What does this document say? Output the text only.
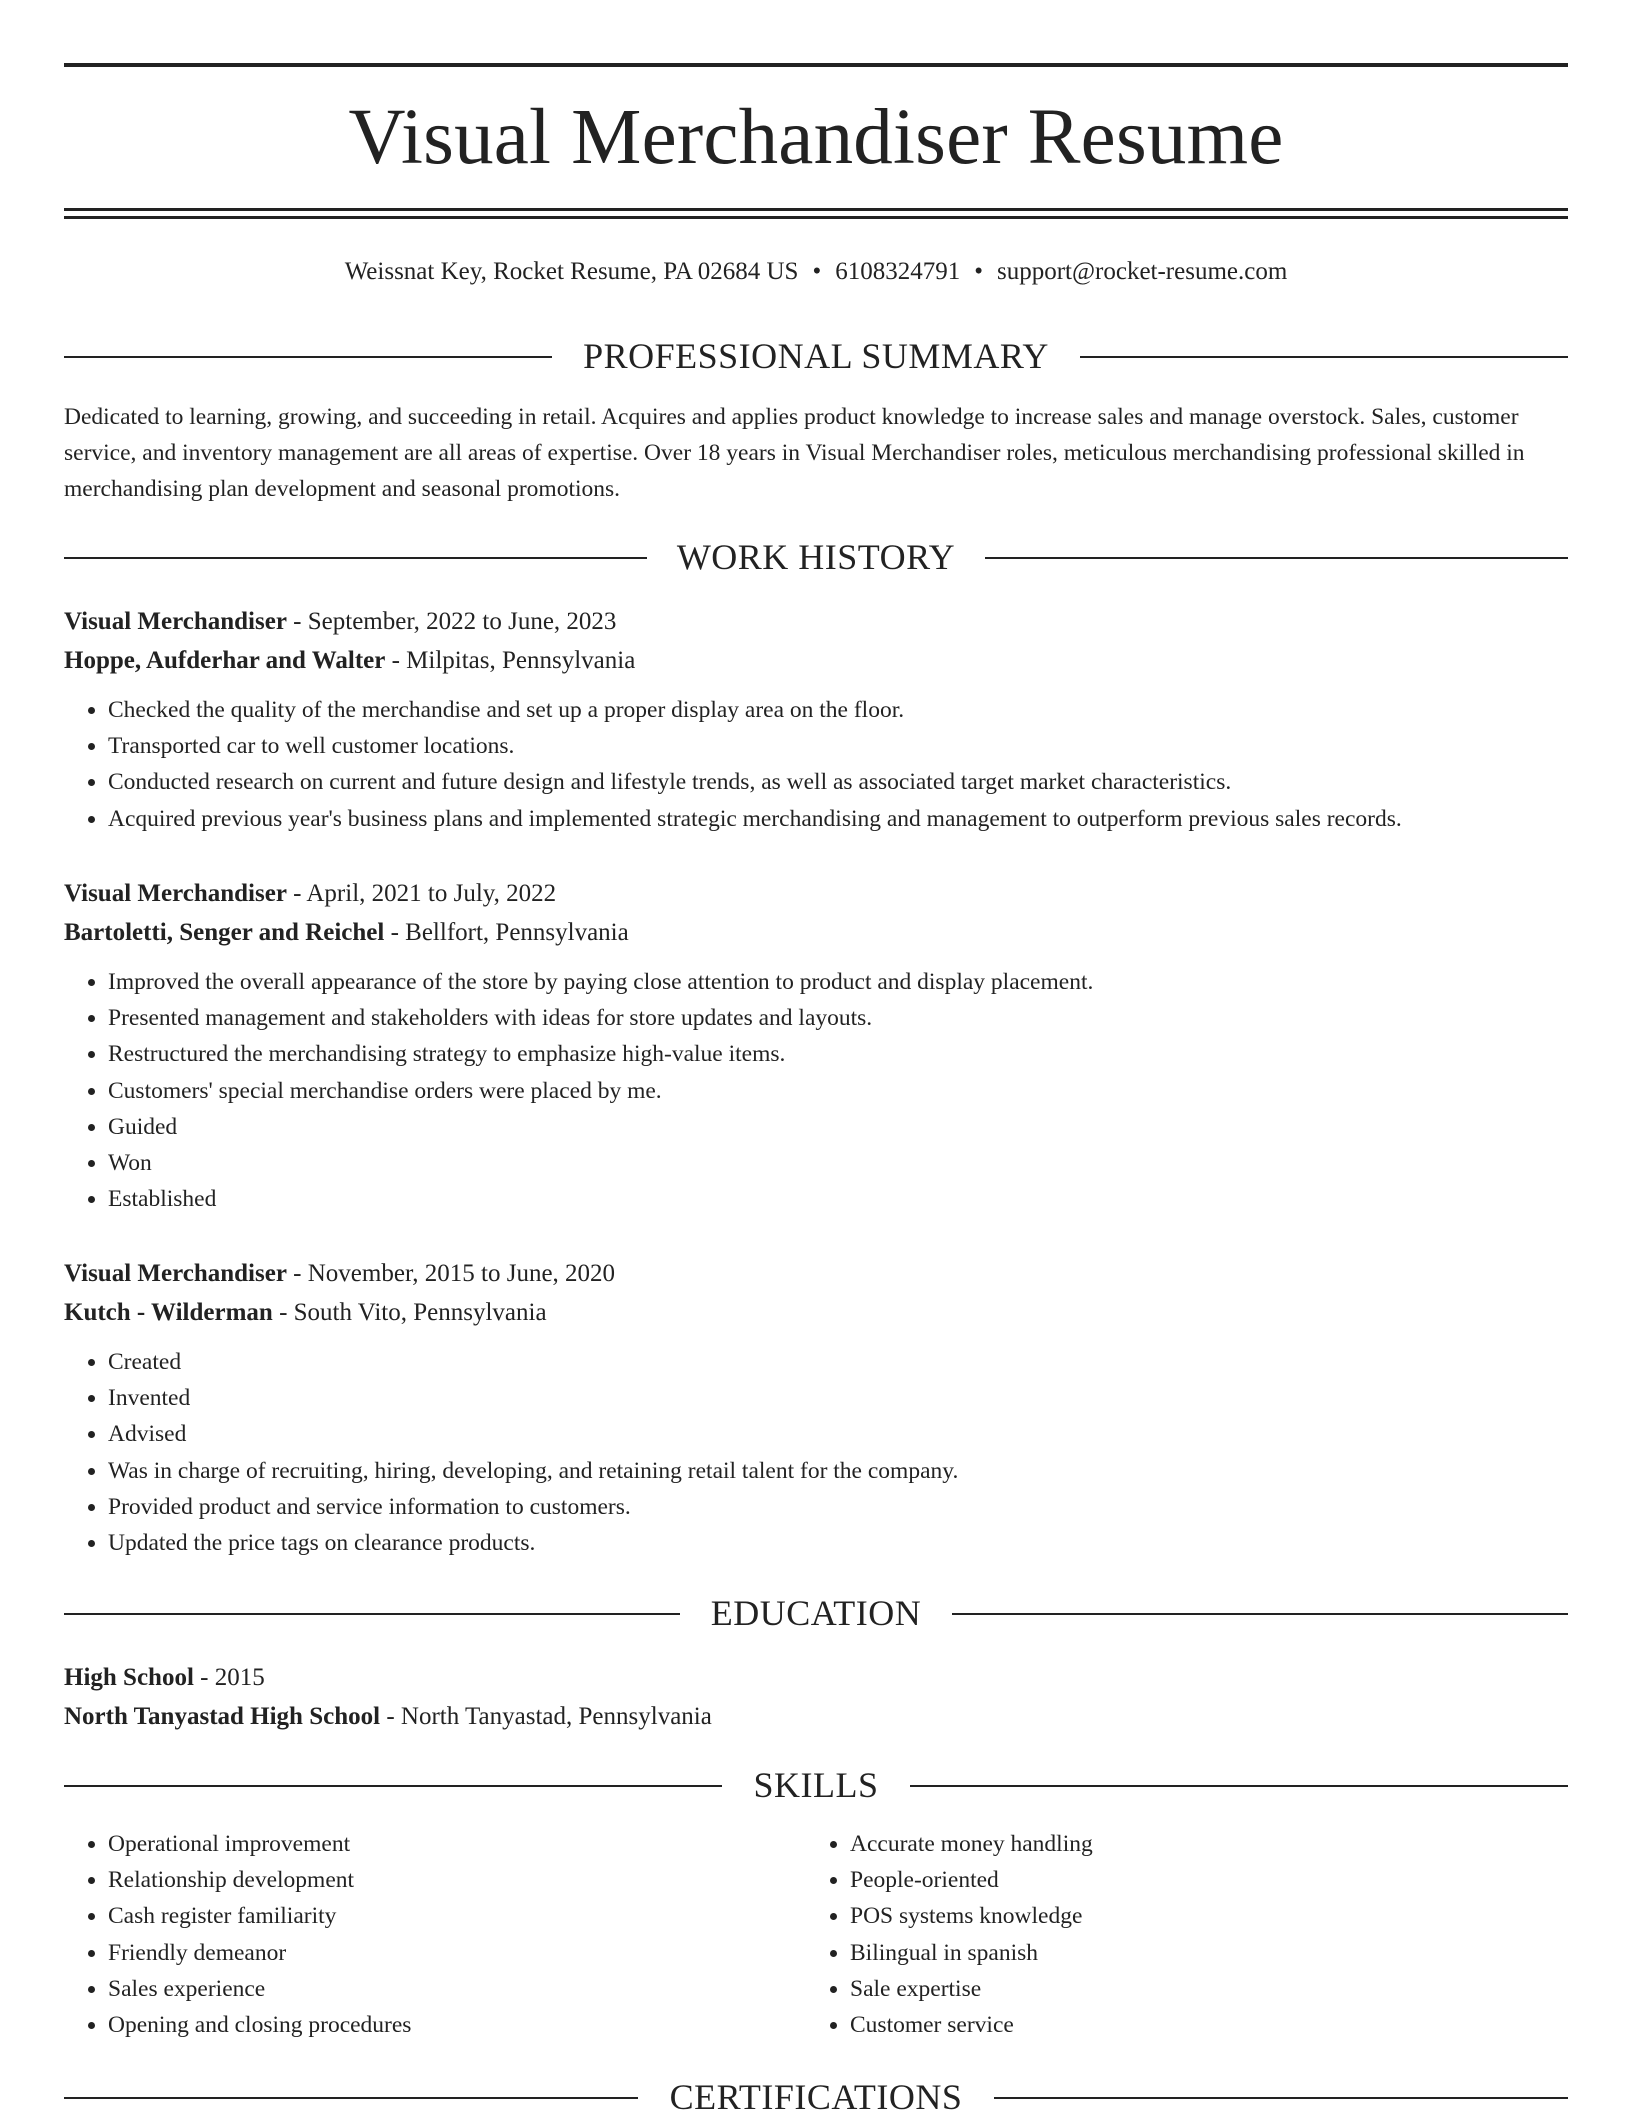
Visual Merchandiser Resume
Weissnat Key, Rocket Resume, PA 02684 US • 6108324791 • support@rocket-resume.com
PROFESSIONAL SUMMARY

Dedicated to learning, growing, and succeeding in retail. Acquires and applies product knowledge to increase sales and manage overstock. Sales, customer service, and inventory management are all areas of expertise. Over 18 years in Visual Merchandiser roles, meticulous merchandising professional skilled in merchandising plan development and seasonal promotions.

WORK HISTORY

Visual Merchandiser - September, 2022 to June, 2023

Hoppe, Aufderhar and Walter - Milpitas, Pennsylvania

• Checked the quality of the merchandise and set up a proper display area on the floor.
• Transported car to well customer locations.
• Conducted research on current and future design and lifestyle trends, as well as associated target market characteristics.
• Acquired previous year's business plans and implemented strategic merchandising and management to outperform previous sales records.

Visual Merchandiser - April, 2021 to July, 2022

Bartoletti, Senger and Reichel - Bellfort, Pennsylvania

• Improved the overall appearance of the store by paying close attention to product and display placement.
• Presented management and stakeholders with ideas for store updates and layouts.
• Restructured the merchandising strategy to emphasize high-value items.
• Customers' special merchandise orders were placed by me.
• Guided
• Won
• Established

Visual Merchandiser - November, 2015 to June, 2020

Kutch - Wilderman - South Vito, Pennsylvania

• Created
• Invented
• Advised
• Was in charge of recruiting, hiring, developing, and retaining retail talent for the company.
• Provided product and service information to customers.
• Updated the price tags on clearance products.
EDUCATION

High School - 2015

North Tanyastad High School - North Tanyastad, Pennsylvania

SKILLS
• Operational improvement
• Relationship development
• Cash register familiarity
• Friendly demeanor
• Sales experience
• Opening and closing procedures
• Accurate money handling
• People-oriented
• POS systems knowledge
• Bilingual in spanish
• Sale expertise
• Customer service
CERTIFICATIONS
